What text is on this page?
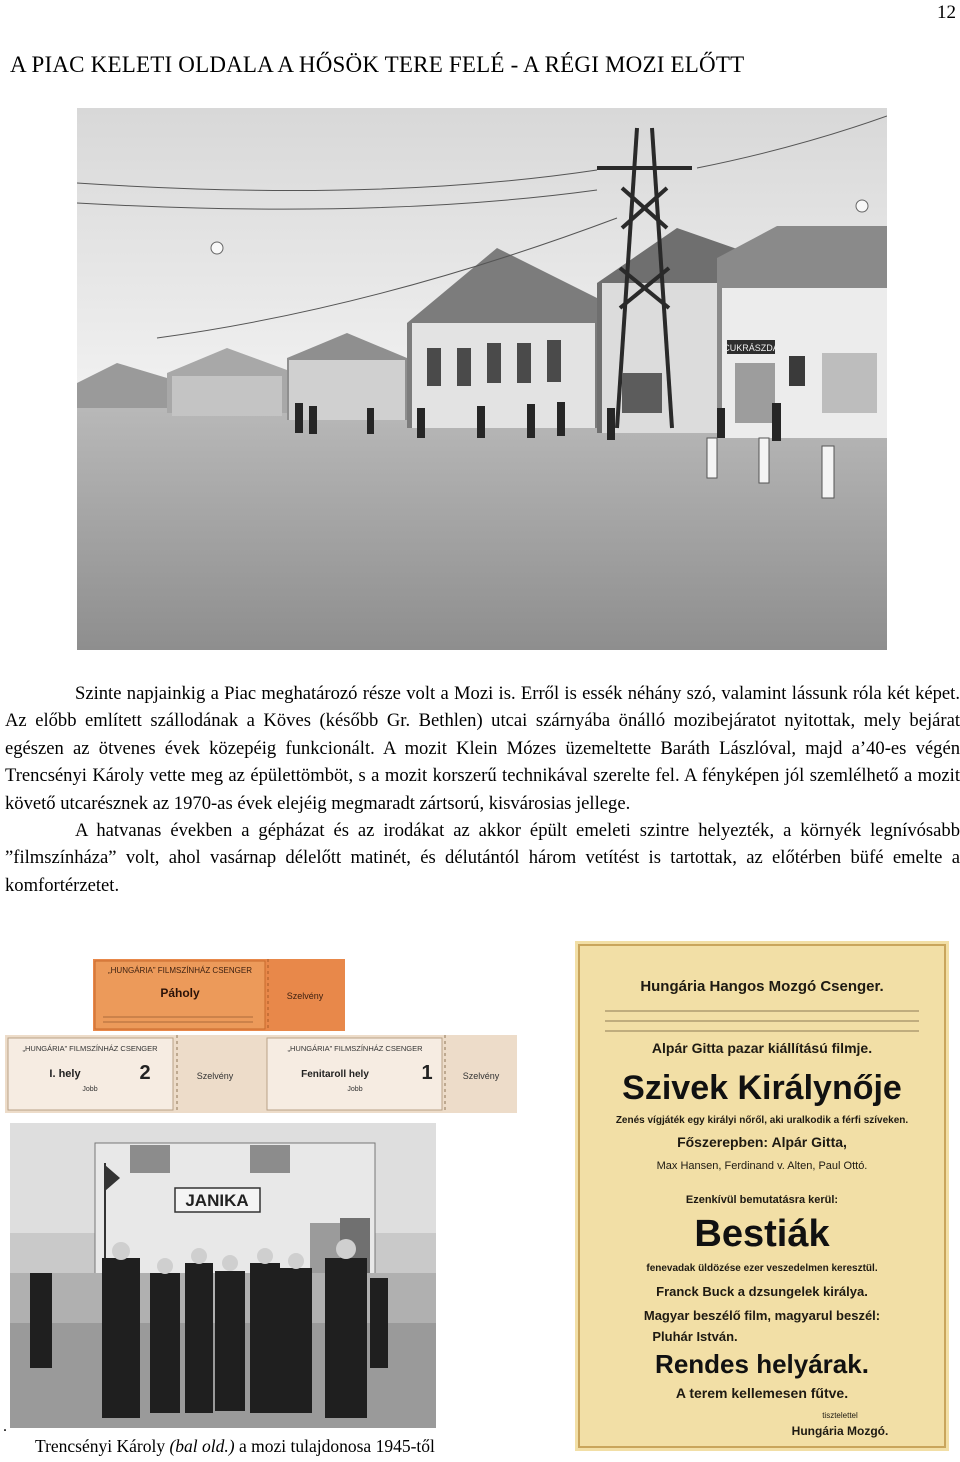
12
A PIAC KELETI OLDALA A HŐSÖK TERE FELÉ - A RÉGI MOZI ELŐTT
CUKRÁSZDA

Szinte napjainkig a Piac meghatározó része volt a Mozi is. Erről is essék néhány szó, valamint lássunk róla két képet. Az előbb említett szállodának a Köves (később Gr. Bethlen) utcai szárnyába önálló mozibejáratot nyitottak, mely bejárat egészen az ötvenes évek közepéig funkcionált. A mozit Klein Mózes üzemeltette Baráth Lászlóval, majd a’40-es végén Trencsényi Károly vette meg az épülettömböt, s a mozit korszerű technikával szerelte fel. A fényképen jól szemlélhető a mozit követő utcarésznek az 1970-as évek elejéig megmaradt zártsorú, kisvárosias jellege.

A hatvanas években a gépházat és az irodákat az akkor épült emeleti szintre helyezték, a környék legnívósabb ”filmszínháza” volt, ahol vasárnap délelőtt matinét, és délutántól három vetítést is tartottak, az előtérben büfé emelte a komfortérzetet.

„HUNGÁRIA” FILMSZÍNHÁZ CSENGER
Páholy	Szelvény
„HUNGÁRIA” FILMSZÍNHÁZ CSENGER
I. hely	2
Jobb
Szelvény
„HUNGÁRIA” FILMSZÍNHÁZ CSENGER
Fenitaroll hely	1
Jobb
Szelvény
JANIKA
Hungária Hangos Mozgó Csenger.
Alpár Gitta pazar kiállítású filmje.
Szivek Királynője
Zenés vígjáték egy királyi nőről, aki uralkodik a férfi szíveken.
Főszerepben: Alpár Gitta,
Max Hansen, Ferdinand v. Alten, Paul Ottó.
Ezenkívül bemutatásra kerül:
Bestiák
fenevadak üldözése ezer veszedelmen keresztül.
Franck Buck a dzsungelek királya.
Magyar beszélő film, magyarul beszél:
Pluhár István.
Rendes helyárak.
A terem kellemesen fűtve.
tisztelettel
Hungária Mozgó.
.
Trencsényi Károly (bal old.) a mozi tulajdonosa 1945-től
